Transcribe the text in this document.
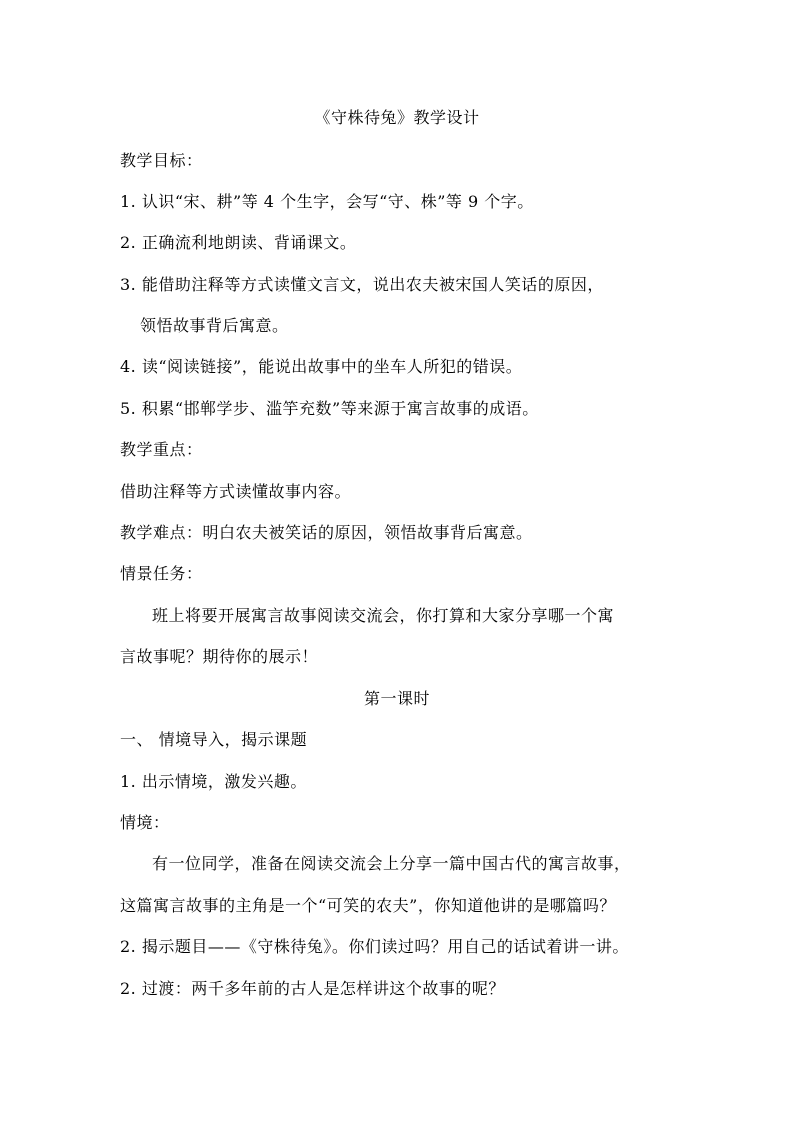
《守株待兔》教学设计
教学目标：
1. 认识“宋、耕”等 4 个生字，会写“守、株”等 9 个字。
2. 正确流利地朗读、背诵课文。
3. 能借助注释等方式读懂文言文，说出农夫被宋国人笑话的原因，
领悟故事背后寓意。
4. 读“阅读链接”，能说出故事中的坐车人所犯的错误。
5. 积累“邯郸学步、滥竽充数”等来源于寓言故事的成语。
教学重点：
借助注释等方式读懂故事内容。
教学难点：明白农夫被笑话的原因，领悟故事背后寓意。
情景任务：
班上将要开展寓言故事阅读交流会，你打算和大家分享哪一个寓
言故事呢？期待你的展示！
第一课时
一、 情境导入，揭示课题
1. 出示情境，激发兴趣。
情境：
有一位同学，准备在阅读交流会上分享一篇中国古代的寓言故事，
这篇寓言故事的主角是一个“可笑的农夫”，你知道他讲的是哪篇吗？
2. 揭示题目——《守株待兔》。你们读过吗？用自己的话试着讲一讲。
2. 过渡：两千多年前的古人是怎样讲这个故事的呢？
